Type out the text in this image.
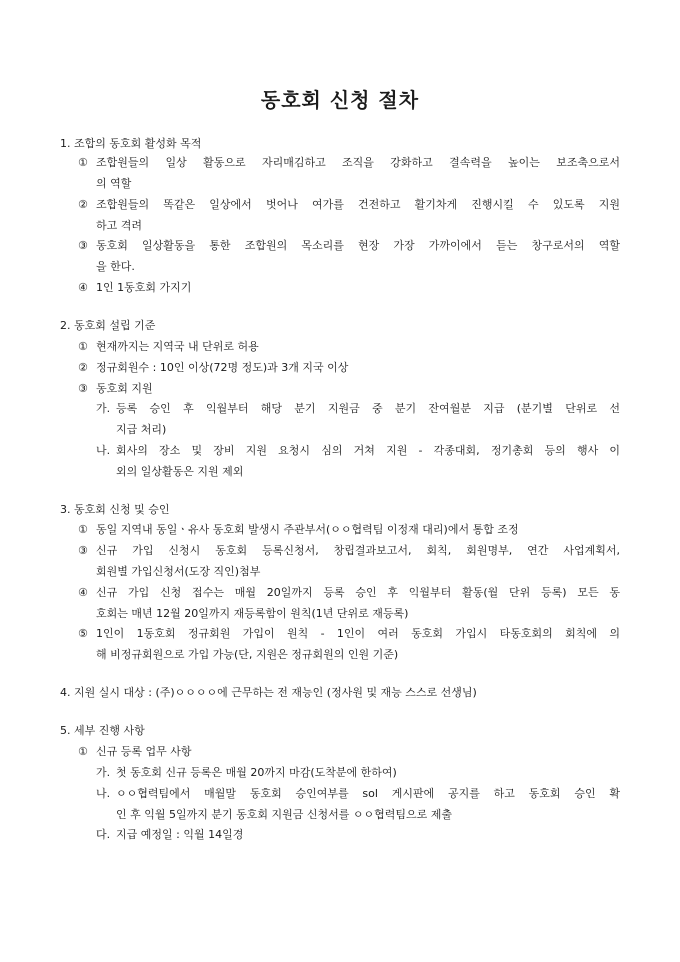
동호회 신청 절차
1. 조합의 동호회 활성화 목적
① 조합원들의 일상 활동으로 자리매김하고 조직을 강화하고 결속력을 높이는 보조축으로서
의 역할
② 조합원들의 똑같은 일상에서 벗어나 여가를 건전하고 활기차게 진행시킬 수 있도록 지원
하고 격려
③ 동호회 일상활동을 통한 조합원의 목소리를 현장 가장 가까이에서 듣는 창구로서의 역할
을 한다.
④ 1인 1동호회 가지기
2. 동호회 설립 기준
① 현재까지는 지역국 내 단위로 허용
② 정규회원수 : 10인 이상(72명 정도)과 3개 지국 이상
③ 동호회 지원
가. 등록 승인 후 익월부터 해당 분기 지원금 중 분기 잔여월분 지급 (분기별 단위로 선
지급 처리)
나. 회사의 장소 및 장비 지원 요청시 심의 거쳐 지원 - 각종대회, 정기총회 등의 행사 이
외의 일상활동은 지원 제외
3. 동호회 신청 및 승인
① 동일 지역내 동일ㆍ유사 동호회 발생시 주관부서(ㅇㅇ협력팀 이정재 대리)에서 통합 조정
③ 신규 가입 신청시 동호회 등록신청서, 창립결과보고서, 회칙, 회원명부, 연간 사업계획서,
회원별 가입신청서(도장 직인)첨부
④ 신규 가입 신청 접수는 매월 20일까지 등록 승인 후 익월부터 활동(월 단위 등록) 모든 동
호회는 매년 12월 20일까지 재등록함이 원칙(1년 단위로 재등록)
⑤ 1인이 1동호회 정규회원 가입이 원칙 - 1인이 여러 동호회 가입시 타동호회의 회칙에 의
해 비정규회원으로 가입 가능(단, 지원은 정규회원의 인원 기준)
4. 지원 실시 대상 : (주)ㅇㅇㅇㅇ에 근무하는 전 재능인 (정사원 및 재능 스스로 선생님)
5. 세부 진행 사항
① 신규 등록 업무 사항
가. 첫 동호회 신규 등록은 매월 20까지 마감(도착분에 한하여)
나. ㅇㅇ협력팀에서 매월말 동호회 승인여부를 sol 게시판에 공지를 하고 동호회 승인 확
인 후 익월 5일까지 분기 동호회 지원금 신청서를 ㅇㅇ협력팀으로 제출
다. 지급 예정일 : 익월 14일경
